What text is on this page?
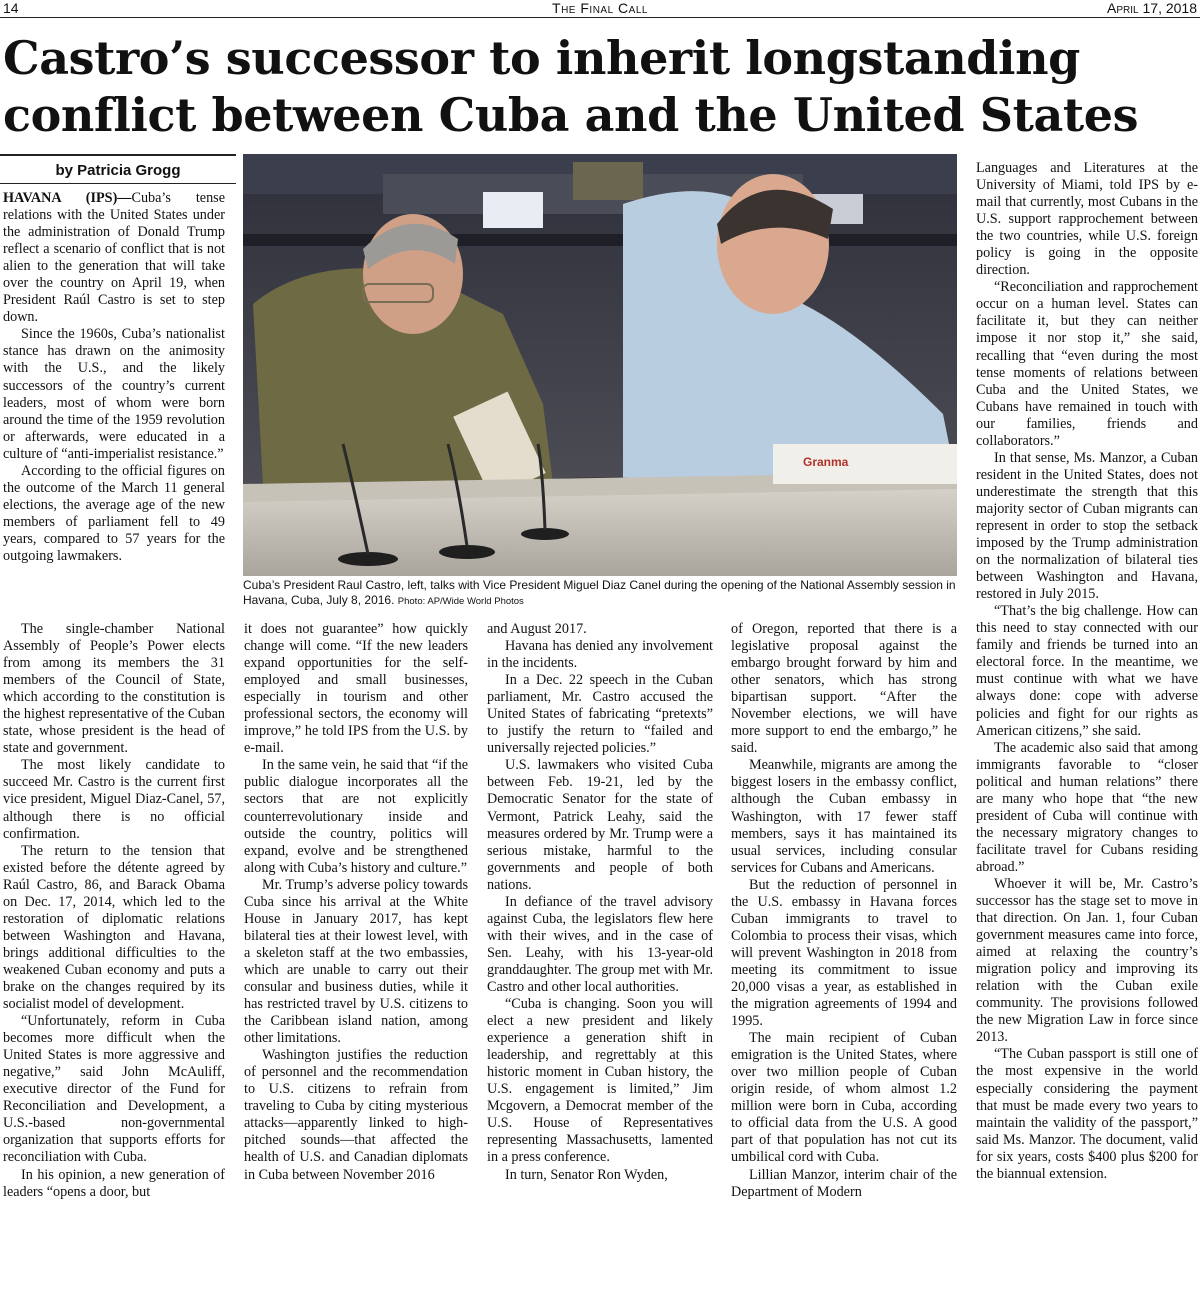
14	The Final Call	April 17, 2018
Castro’s successor to inherit longstanding conflict between Cuba and the United States
by Patricia Grogg
Granma

Cuba’s President Raul Castro, left, talks with Vice President Miguel Diaz Canel during the opening of the National Assembly session in Havana, Cuba, July 8, 2016. Photo: AP/Wide World Photos

HAVANA (IPS)—Cuba’s tense relations with the United States under the administration of Donald Trump reflect a scenario of conflict that is not alien to the generation that will take over the country on April 19, when President Raúl Castro is set to step down.

Since the 1960s, Cuba’s nationalist stance has drawn on the animosity with the U.S., and the likely successors of the country’s current leaders, most of whom were born around the time of the 1959 revolution or afterwards, were educated in a culture of “anti-imperialist resistance.”

According to the official figures on the outcome of the March 11 general elections, the average age of the new members of parliament fell to 49 years, compared to 57 years for the outgoing lawmakers.

The single-chamber National Assembly of People’s Power elects from among its members the 31 members of the Council of State, which according to the constitution is the highest representative of the Cuban state, whose president is the head of state and government.

The most likely candidate to succeed Mr. Castro is the current first vice president, Miguel Diaz-Canel, 57, although there is no official confirmation.

The return to the tension that existed before the détente agreed by Raúl Castro, 86, and Barack Obama on Dec. 17, 2014, which led to the restoration of diplomatic relations between Washington and Havana, brings additional difficulties to the weakened Cuban economy and puts a brake on the changes required by its socialist model of development.

“Unfortunately, reform in Cuba becomes more difficult when the United States is more aggressive and negative,” said John McAuliff, executive director of the Fund for Reconciliation and Development, a U.S.-based non-governmental organization that supports efforts for reconciliation with Cuba.

In his opinion, a new generation of leaders “opens a door, but

it does not guarantee” how quickly change will come. “If the new leaders expand opportunities for the self-employed and small businesses, especially in tourism and other professional sectors, the economy will improve,” he told IPS from the U.S. by e-mail.

In the same vein, he said that “if the public dialogue incorporates all the sectors that are not explicitly counterrevolutionary inside and outside the country, politics will expand, evolve and be strengthened along with Cuba’s history and culture.”

Mr. Trump’s adverse policy towards Cuba since his arrival at the White House in January 2017, has kept bilateral ties at their lowest level, with a skeleton staff at the two embassies, which are unable to carry out their consular and business duties, while it has restricted travel by U.S. citizens to the Caribbean island nation, among other limitations.

Washington justifies the reduction of personnel and the recommendation to U.S. citizens to refrain from traveling to Cuba by citing mysterious attacks—apparently linked to high-pitched sounds—that affected the health of U.S. and Canadian diplomats in Cuba between November 2016

and August 2017.

Havana has denied any involvement in the incidents.

In a Dec. 22 speech in the Cuban parliament, Mr. Castro accused the United States of fabricating “pretexts” to justify the return to “failed and universally rejected policies.”

U.S. lawmakers who visited Cuba between Feb. 19-21, led by the Democratic Senator for the state of Vermont, Patrick Leahy, said the measures ordered by Mr. Trump were a serious mistake, harmful to the governments and people of both nations.

In defiance of the travel advisory against Cuba, the legislators flew here with their wives, and in the case of Sen. Leahy, with his 13-year-old granddaughter. The group met with Mr. Castro and other local authorities.

“Cuba is changing. Soon you will elect a new president and likely experience a generation shift in leadership, and regrettably at this historic moment in Cuban history, the U.S. engagement is limited,” Jim Mcgovern, a Democrat member of the U.S. House of Representatives representing Massachusetts, lamented in a press conference.

In turn, Senator Ron Wyden,

of Oregon, reported that there is a legislative proposal against the embargo brought forward by him and other senators, which has strong bipartisan support. “After the November elections, we will have more support to end the embargo,” he said.

Meanwhile, migrants are among the biggest losers in the embassy conflict, although the Cuban embassy in Washington, with 17 fewer staff members, says it has maintained its usual services, including consular services for Cubans and Americans.

But the reduction of personnel in the U.S. embassy in Havana forces Cuban immigrants to travel to Colombia to process their visas, which will prevent Washington in 2018 from meeting its commitment to issue 20,000 visas a year, as established in the migration agreements of 1994 and 1995.

The main recipient of Cuban emigration is the United States, where over two million people of Cuban origin reside, of whom almost 1.2 million were born in Cuba, according to official data from the U.S. A good part of that population has not cut its umbilical cord with Cuba.

Lillian Manzor, interim chair of the Department of Modern

Languages and Literatures at the University of Miami, told IPS by e-mail that currently, most Cubans in the U.S. support rapprochement between the two countries, while U.S. foreign policy is going in the opposite direction.

“Reconciliation and rapprochement occur on a human level. States can facilitate it, but they can neither impose it nor stop it,” she said, recalling that “even during the most tense moments of relations between Cuba and the United States, we Cubans have remained in touch with our families, friends and collaborators.”

In that sense, Ms. Manzor, a Cuban resident in the United States, does not underestimate the strength that this majority sector of Cuban migrants can represent in order to stop the setback imposed by the Trump administration on the normalization of bilateral ties between Washington and Havana, restored in July 2015.

“That’s the big challenge. How can this need to stay connected with our family and friends be turned into an electoral force. In the meantime, we must continue with what we have always done: cope with adverse policies and fight for our rights as American citizens,” she said.

The academic also said that among immigrants favorable to “closer political and human relations” there are many who hope that “the new president of Cuba will continue with the necessary migratory changes to facilitate travel for Cubans residing abroad.”

Whoever it will be, Mr. Castro’s successor has the stage set to move in that direction. On Jan. 1, four Cuban government measures came into force, aimed at relaxing the country’s migration policy and improving its relation with the Cuban exile community. The provisions followed the new Migration Law in force since 2013.

“The Cuban passport is still one of the most expensive in the world especially considering the payment that must be made every two years to maintain the validity of the passport,” said Ms. Manzor. The document, valid for six years, costs $400 plus $200 for the biannual extension.
